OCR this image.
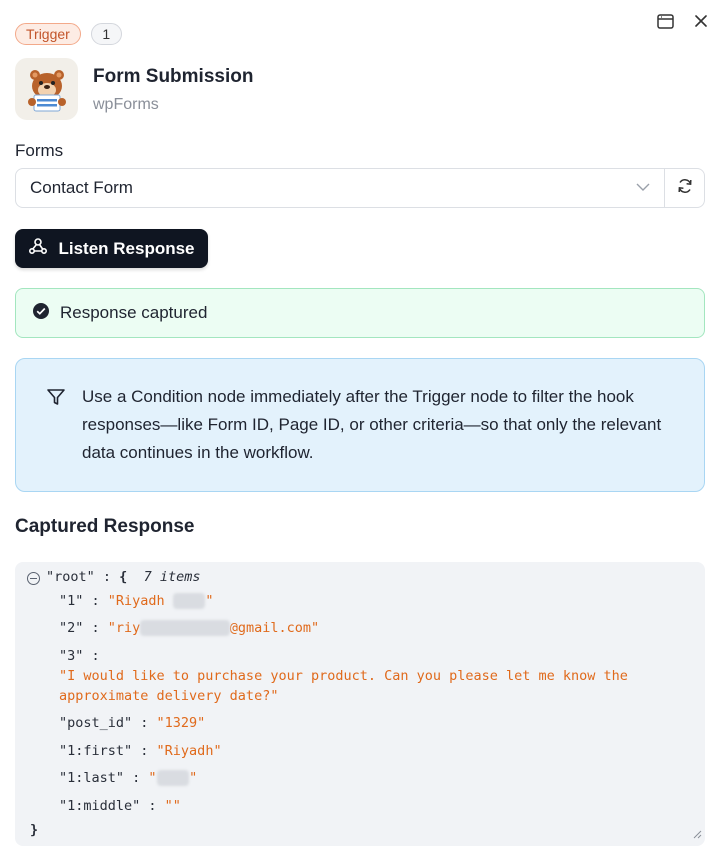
Trigger	1
Form Submission
wpForms
Forms
Contact Form
Listen Response
Response captured
Use a Condition node immediately after the Trigger node to filter the hook responses—like Form ID, Page ID, or other criteria—so that only the relevant data continues in the workflow.
Captured Response
"root" : { 7 items
"1" : "Riyadh "
"2" : "riy	@gmail.com"
"3" :
"I would like to purchase your product. Can you please let me know the
approximate delivery date?"
"post_id" : "1329"
"1:first" : "Riyadh"
"1:last" : " "
"1:middle" : ""
}
